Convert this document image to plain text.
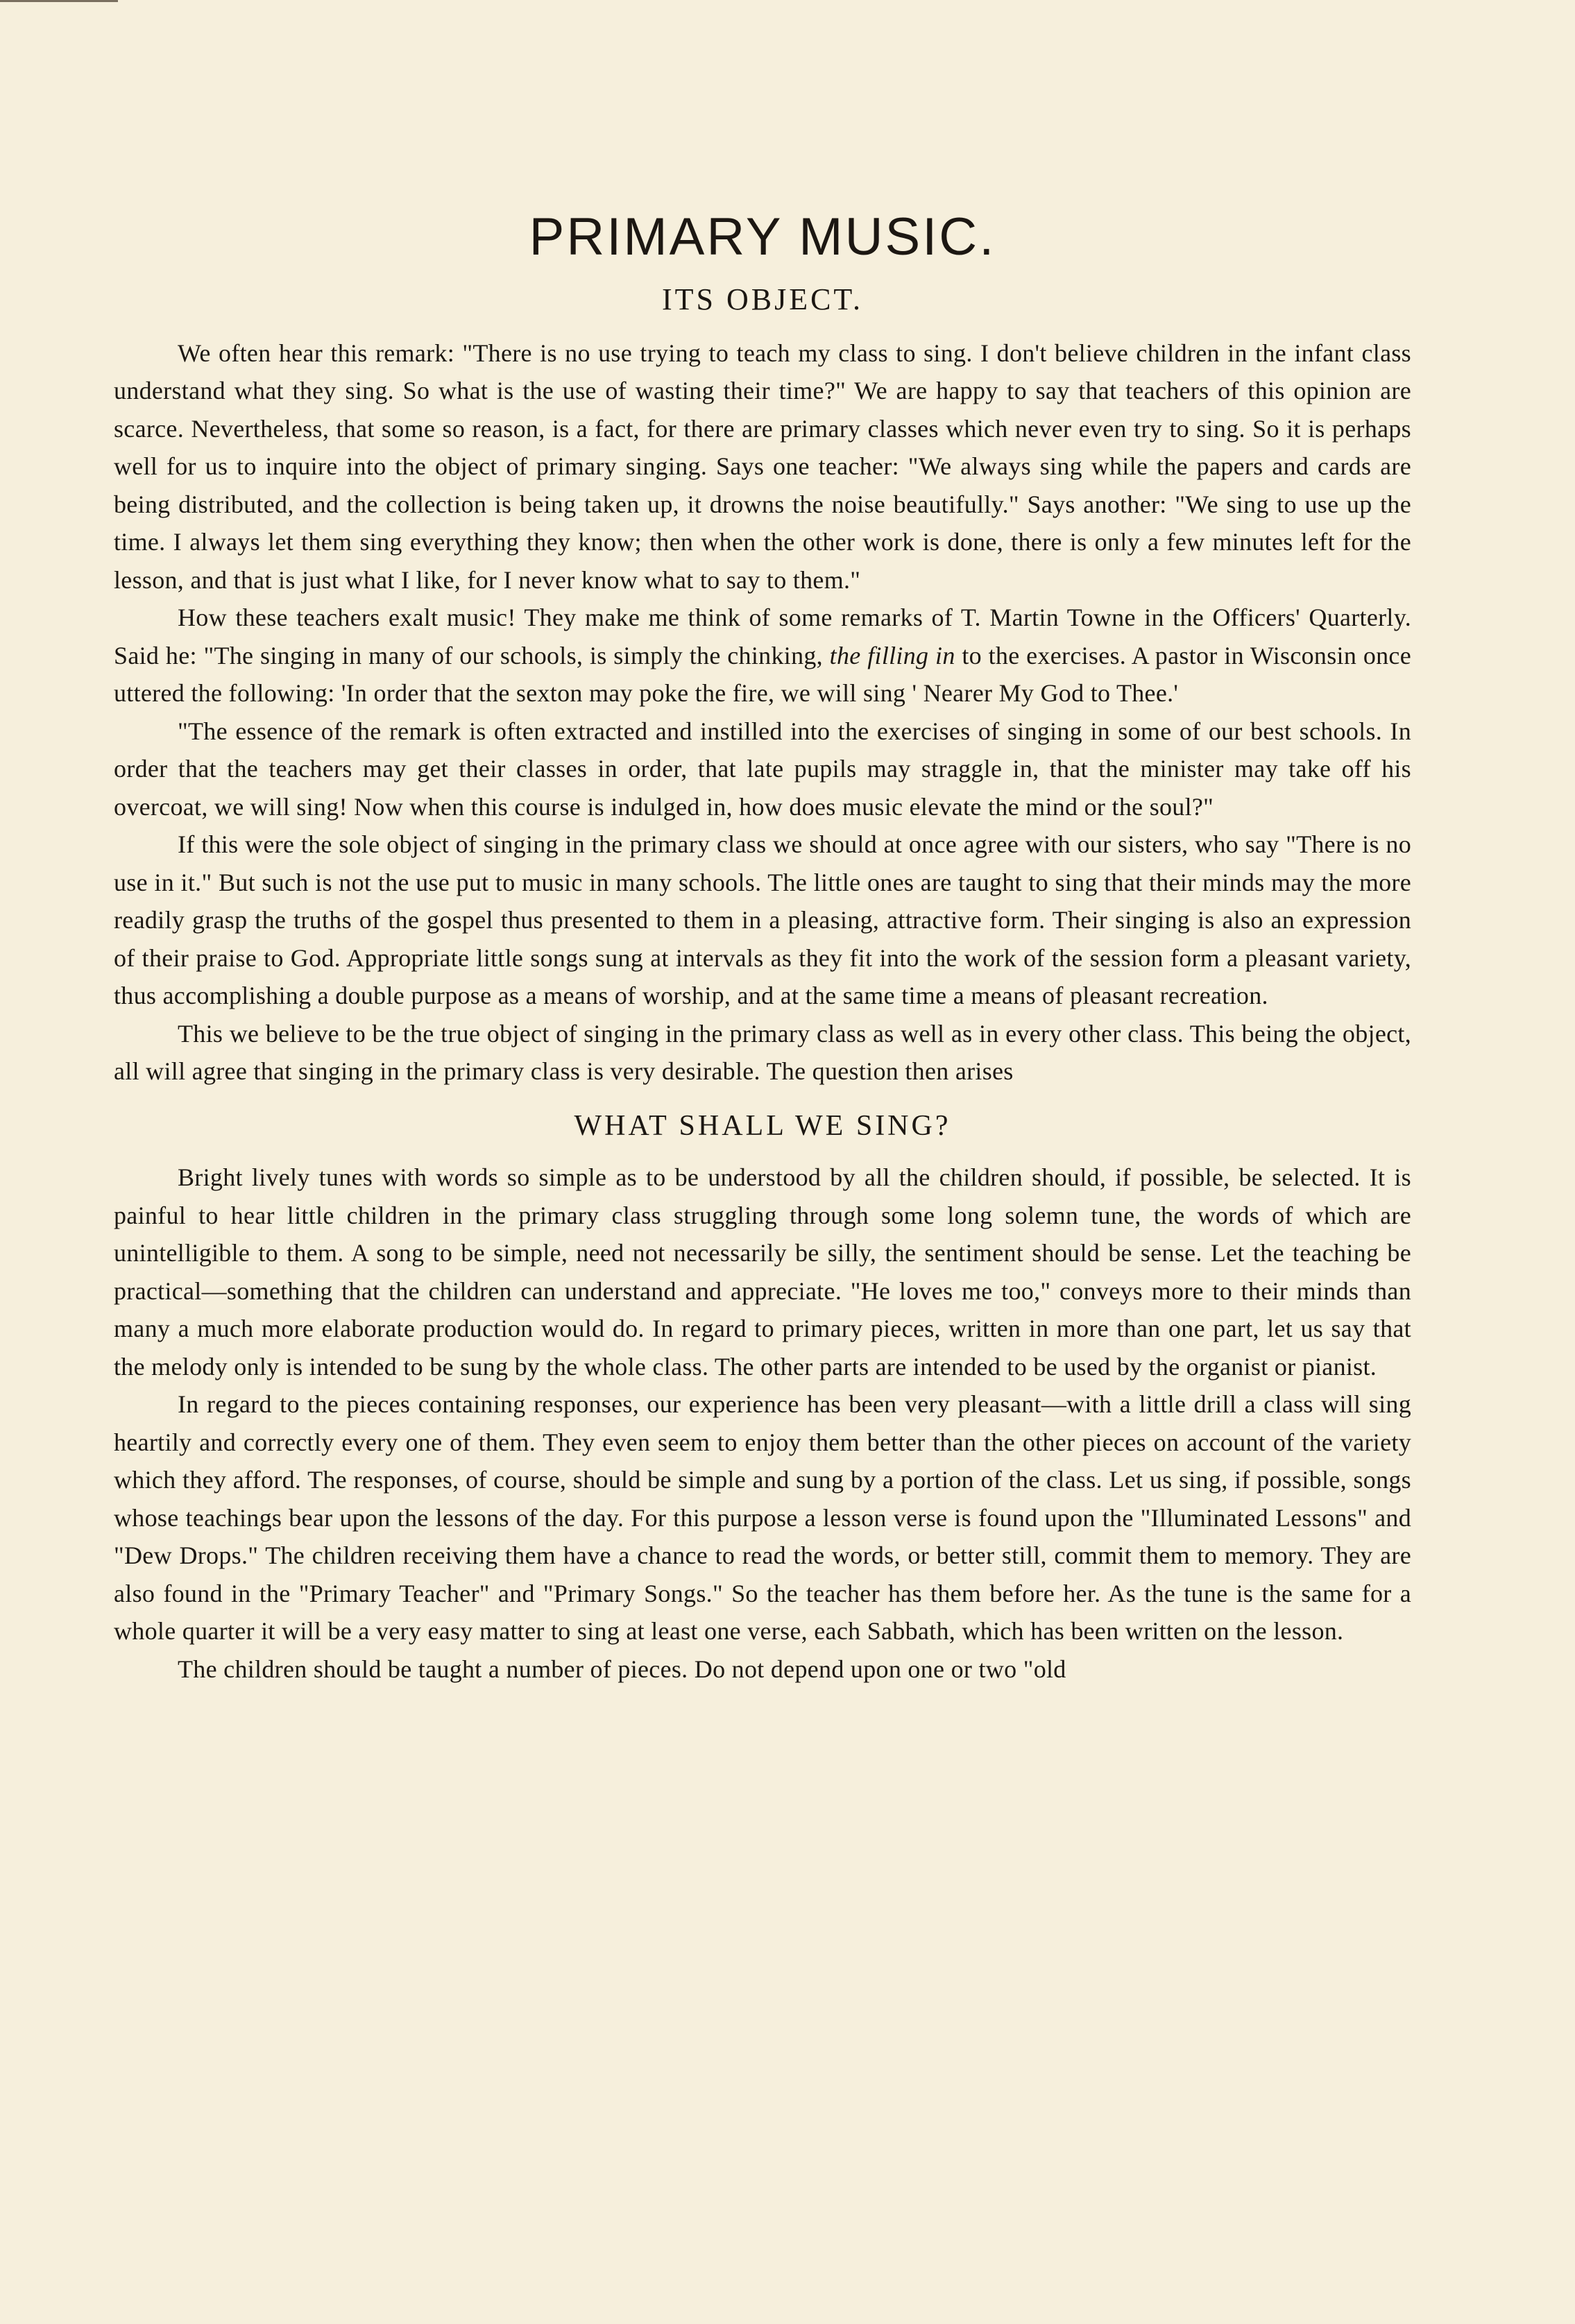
PRIMARY MUSIC.
ITS OBJECT.

We often hear this remark: "There is no use trying to teach my class to sing. I don't believe children in the infant class understand what they sing. So what is the use of wasting their time?" We are happy to say that teachers of this opinion are scarce. Nevertheless, that some so reason, is a fact, for there are primary classes which never even try to sing. So it is perhaps well for us to inquire into the object of primary singing. Says one teacher: "We always sing while the papers and cards are being distributed, and the collection is being taken up, it drowns the noise beautifully." Says another: "We sing to use up the time. I always let them sing everything they know; then when the other work is done, there is only a few minutes left for the lesson, and that is just what I like, for I never know what to say to them."

How these teachers exalt music! They make me think of some remarks of T. Martin Towne in the Officers' Quarterly. Said he: "The singing in many of our schools, is simply the chinking, the filling in to the exercises. A pastor in Wisconsin once uttered the following: 'In order that the sexton may poke the fire, we will sing ' Nearer My God to Thee.'

"The essence of the remark is often extracted and instilled into the exercises of singing in some of our best schools. In order that the teachers may get their classes in order, that late pupils may straggle in, that the minister may take off his overcoat, we will sing! Now when this course is indulged in, how does music elevate the mind or the soul?"

If this were the sole object of singing in the primary class we should at once agree with our sisters, who say "There is no use in it." But such is not the use put to music in many schools. The little ones are taught to sing that their minds may the more readily grasp the truths of the gospel thus presented to them in a pleasing, attractive form. Their singing is also an expression of their praise to God. Appropriate little songs sung at intervals as they fit into the work of the session form a pleasant variety, thus accomplishing a double purpose as a means of worship, and at the same time a means of pleasant recreation.

This we believe to be the true object of singing in the primary class as well as in every other class. This being the object, all will agree that singing in the primary class is very desirable. The question then arises

WHAT SHALL WE SING?

Bright lively tunes with words so simple as to be understood by all the children should, if possible, be selected. It is painful to hear little children in the primary class struggling through some long solemn tune, the words of which are unintelligible to them. A song to be simple, need not necessarily be silly, the sentiment should be sense. Let the teaching be practical—something that the children can understand and appreciate. "He loves me too," conveys more to their minds than many a much more elaborate production would do. In regard to primary pieces, written in more than one part, let us say that the melody only is intended to be sung by the whole class. The other parts are intended to be used by the organist or pianist.

In regard to the pieces containing responses, our experience has been very pleasant—with a little drill a class will sing heartily and correctly every one of them. They even seem to enjoy them better than the other pieces on account of the variety which they afford. The responses, of course, should be simple and sung by a portion of the class. Let us sing, if possible, songs whose teachings bear upon the lessons of the day. For this purpose a lesson verse is found upon the "Illuminated Lessons" and "Dew Drops." The children receiving them have a chance to read the words, or better still, commit them to memory. They are also found in the "Primary Teacher" and "Primary Songs." So the teacher has them before her. As the tune is the same for a whole quarter it will be a very easy matter to sing at least one verse, each Sabbath, which has been written on the lesson.

The children should be taught a number of pieces. Do not depend upon one or two "old
